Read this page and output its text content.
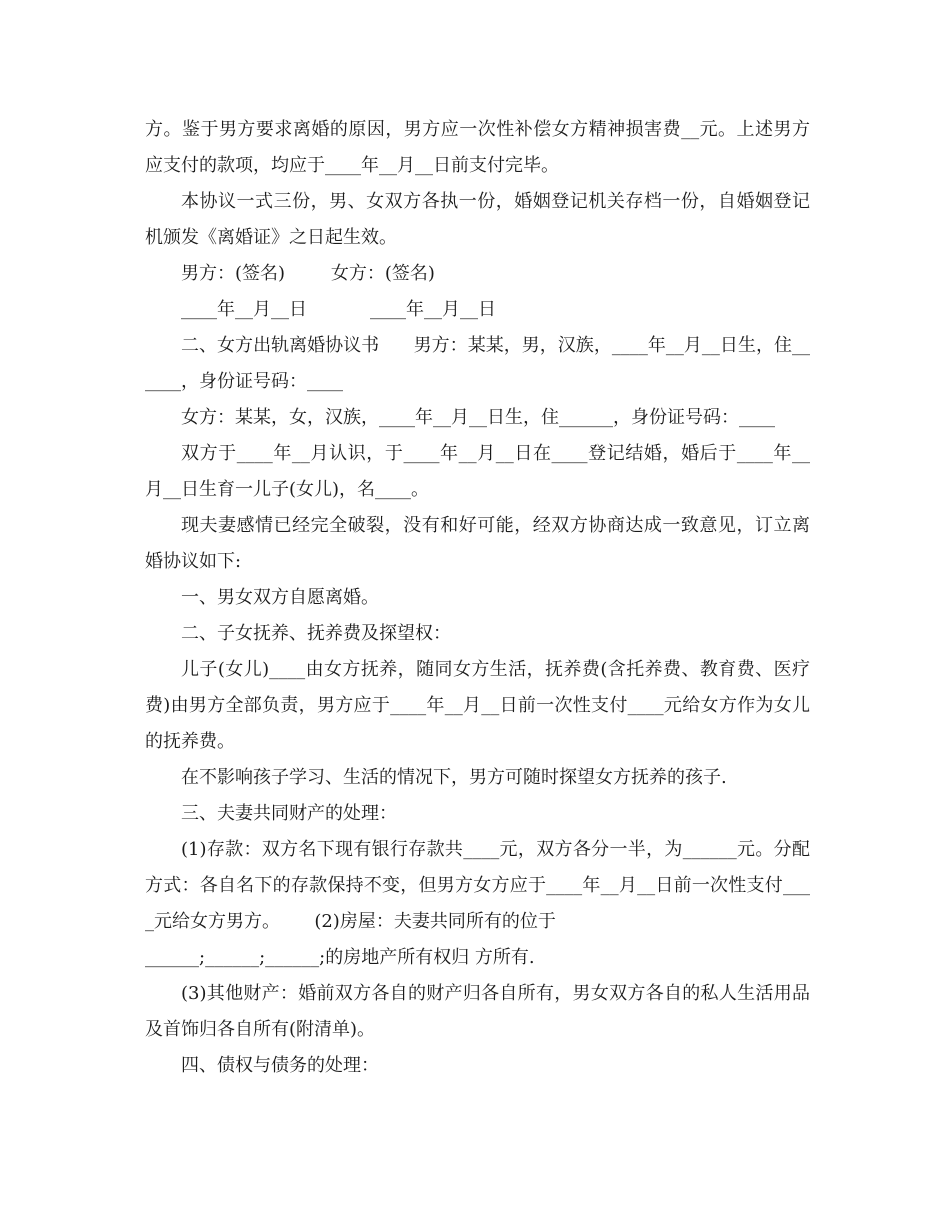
方。鉴于男方要求离婚的原因，男方应一次性补偿女方精神损害费__元。上述男方应支付的款项，均应于____年__月__日前支付完毕。

本协议一式三份，男、女双方各执一份，婚姻登记机关存档一份，自婚姻登记机颁发《离婚证》之日起生效。

男方：(签名)        女方：(签名)

____年__月__日           ____年__月__日

二、女方出轨离婚协议书      男方：某某，男，汉族，____年__月__日生，住______，身份证号码：____

女方：某某，女，汉族，____年__月__日生，住______，身份证号码：____

双方于____年__月认识，于____年__月__日在____登记结婚，婚后于____年__月__日生育一儿子(女儿)，名____。

现夫妻感情已经完全破裂，没有和好可能，经双方协商达成一致意见，订立离婚协议如下:

一、男女双方自愿离婚。

二、子女抚养、抚养费及探望权：

儿子(女儿)____由女方抚养，随同女方生活，抚养费(含托养费、教育费、医疗费)由男方全部负责，男方应于____年__月__日前一次性支付____元给女方作为女儿的抚养费。

在不影响孩子学习、生活的情况下，男方可随时探望女方抚养的孩子.

三、夫妻共同财产的处理：

(1)存款：双方名下现有银行存款共____元，双方各分一半，为______元。分配方式：各自名下的存款保持不变，但男方女方应于____年__月__日前一次性支付____元给女方男方。      (2)房屋：夫妻共同所有的位于

______;______;______;的房地产所有权归 方所有.

(3)其他财产：婚前双方各自的财产归各自所有，男女双方各自的私人生活用品及首饰归各自所有(附清单)。

四、债权与债务的处理：
